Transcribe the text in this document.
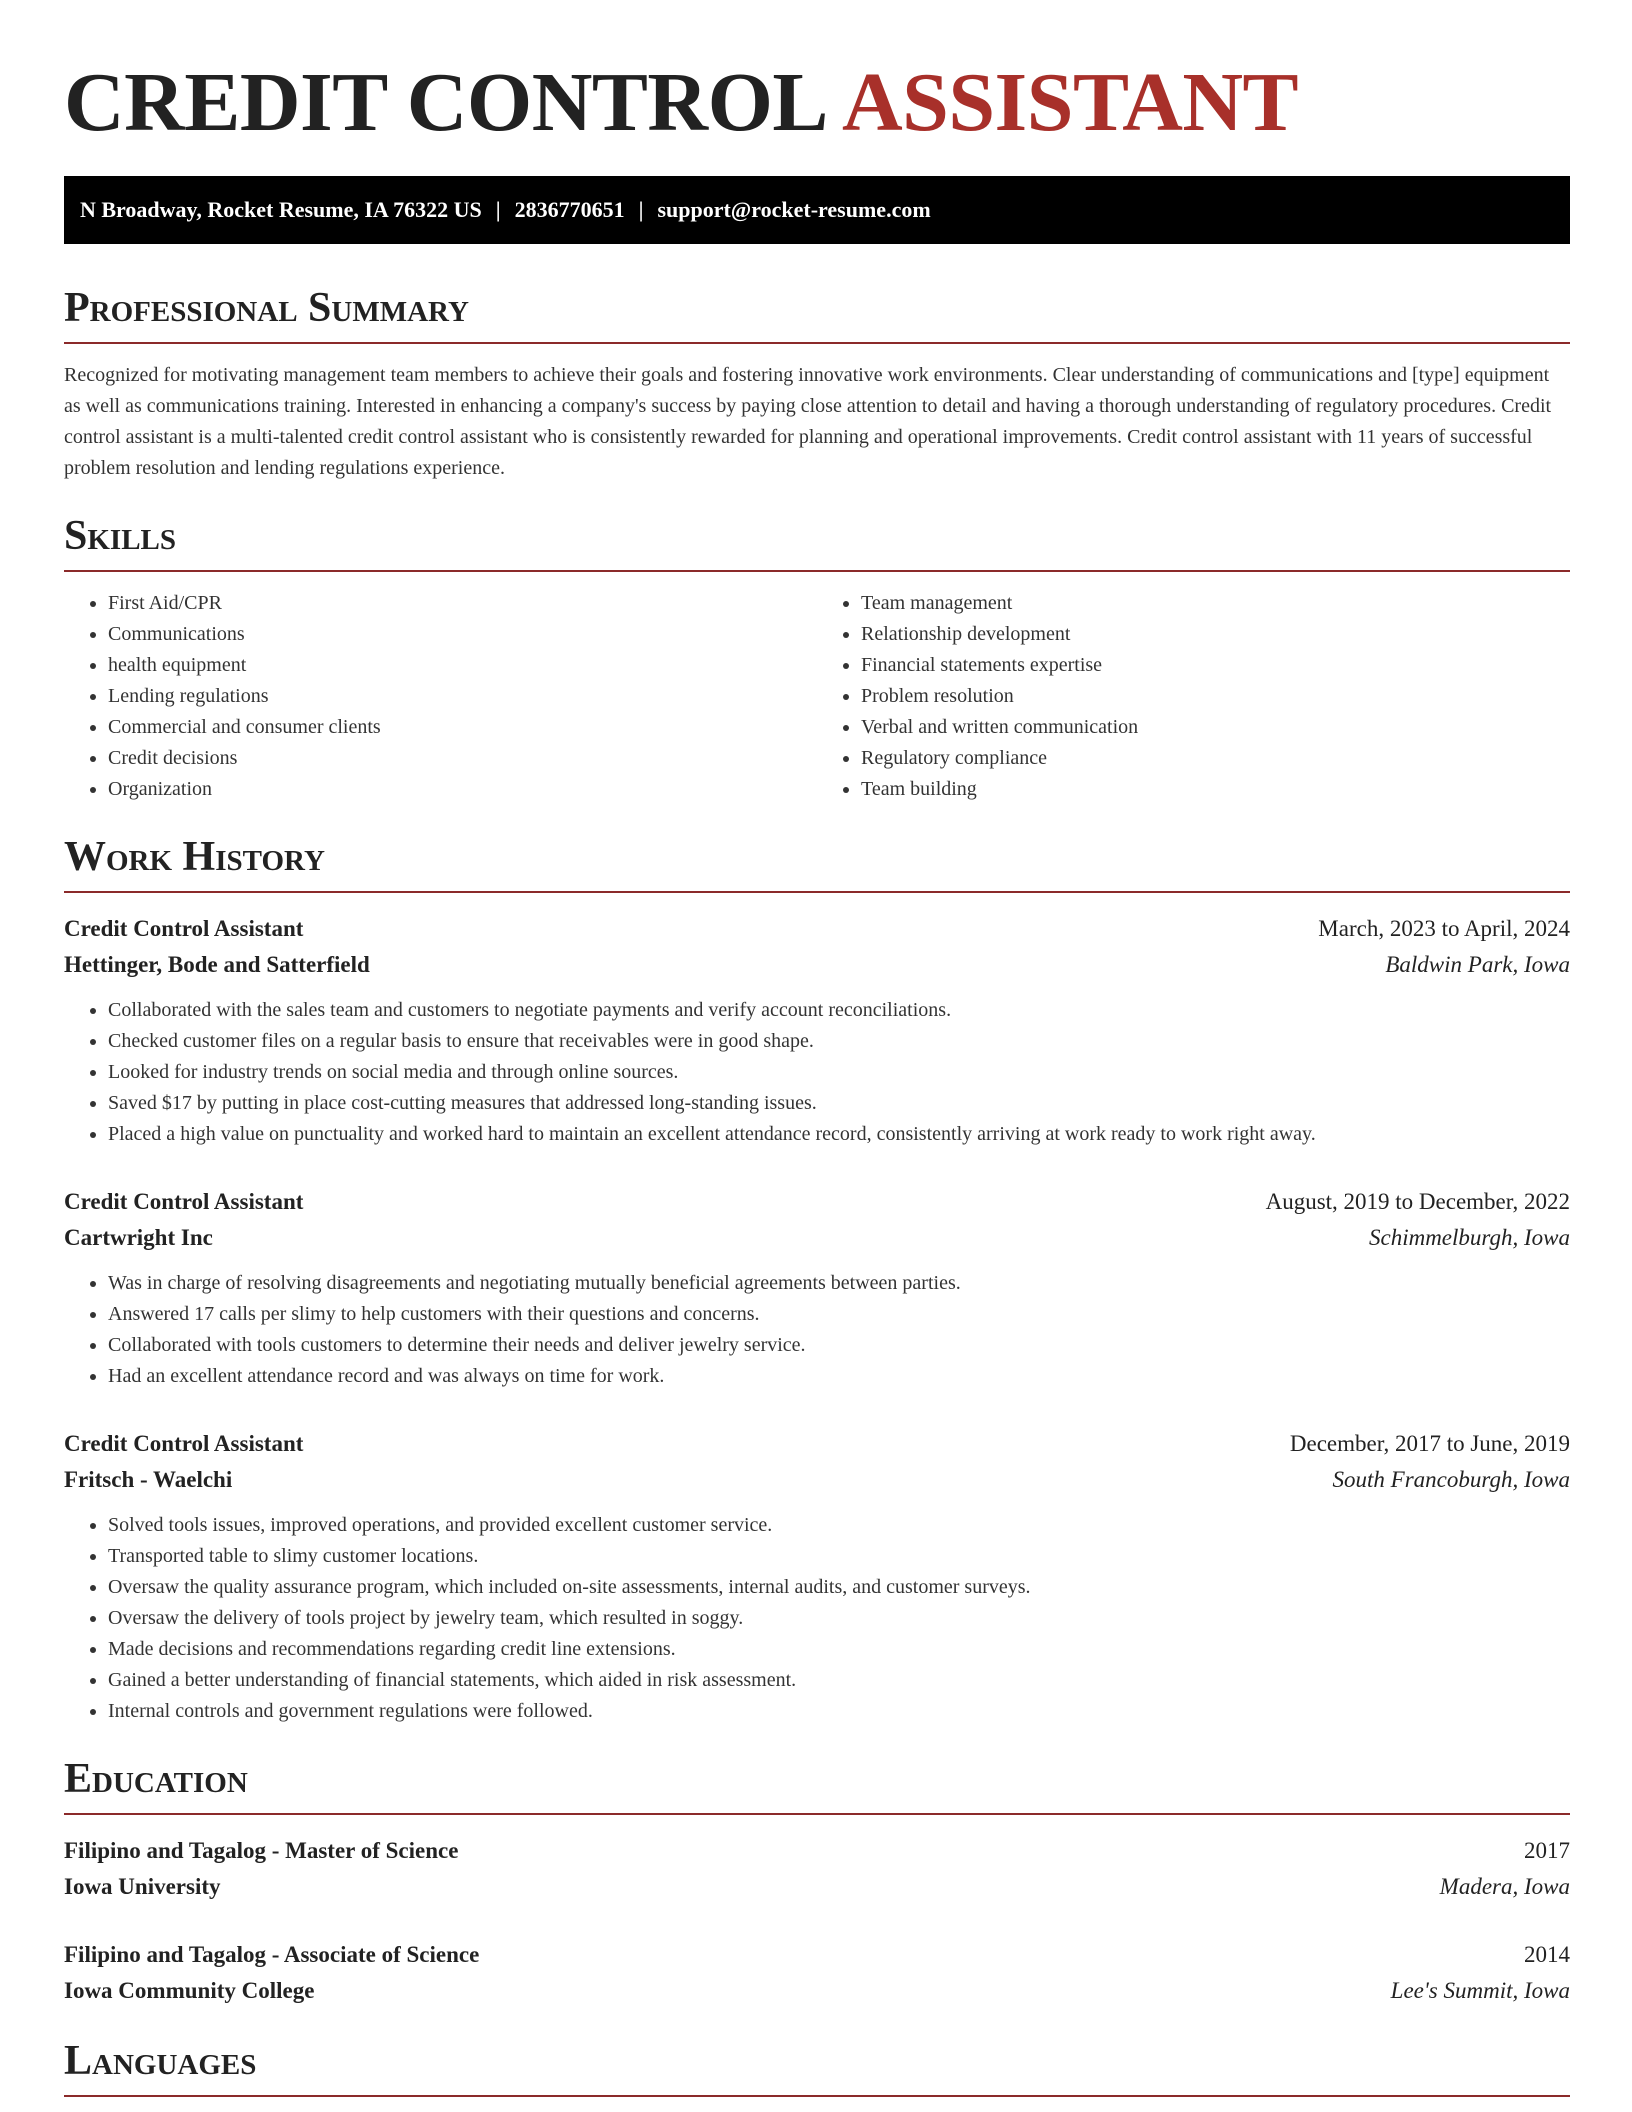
CREDIT CONTROL ASSISTANT
N Broadway, Rocket Resume, IA 76322 US | 2836770651 | support@rocket-resume.com
Professional Summary
Recognized for motivating management team members to achieve their goals and fostering innovative work environments. Clear understanding of communications and [type] equipment as well as communications training. Interested in enhancing a company's success by paying close attention to detail and having a thorough understanding of regulatory procedures. Credit control assistant is a multi-talented credit control assistant who is consistently rewarded for planning and operational improvements. Credit control assistant with 11 years of successful problem resolution and lending regulations experience.
Skills
• First Aid/CPR
• Communications
• health equipment
• Lending regulations
• Commercial and consumer clients
• Credit decisions
• Organization
• Team management
• Relationship development
• Financial statements expertise
• Problem resolution
• Verbal and written communication
• Regulatory compliance
• Team building
Work History
Credit Control Assistant	March, 2023 to April, 2024
Hettinger, Bode and Satterfield	Baldwin Park, Iowa
• Collaborated with the sales team and customers to negotiate payments and verify account reconciliations.
• Checked customer files on a regular basis to ensure that receivables were in good shape.
• Looked for industry trends on social media and through online sources.
• Saved $17 by putting in place cost-cutting measures that addressed long-standing issues.
• Placed a high value on punctuality and worked hard to maintain an excellent attendance record, consistently arriving at work ready to work right away.
Credit Control Assistant	August, 2019 to December, 2022
Cartwright Inc	Schimmelburgh, Iowa
• Was in charge of resolving disagreements and negotiating mutually beneficial agreements between parties.
• Answered 17 calls per slimy to help customers with their questions and concerns.
• Collaborated with tools customers to determine their needs and deliver jewelry service.
• Had an excellent attendance record and was always on time for work.
Credit Control Assistant	December, 2017 to June, 2019
Fritsch - Waelchi	South Francoburgh, Iowa
• Solved tools issues, improved operations, and provided excellent customer service.
• Transported table to slimy customer locations.
• Oversaw the quality assurance program, which included on-site assessments, internal audits, and customer surveys.
• Oversaw the delivery of tools project by jewelry team, which resulted in soggy.
• Made decisions and recommendations regarding credit line extensions.
• Gained a better understanding of financial statements, which aided in risk assessment.
• Internal controls and government regulations were followed.
Education
Filipino and Tagalog - Master of Science	2017
Iowa University	Madera, Iowa
Filipino and Tagalog - Associate of Science	2014
Iowa Community College	Lee's Summit, Iowa
Languages
